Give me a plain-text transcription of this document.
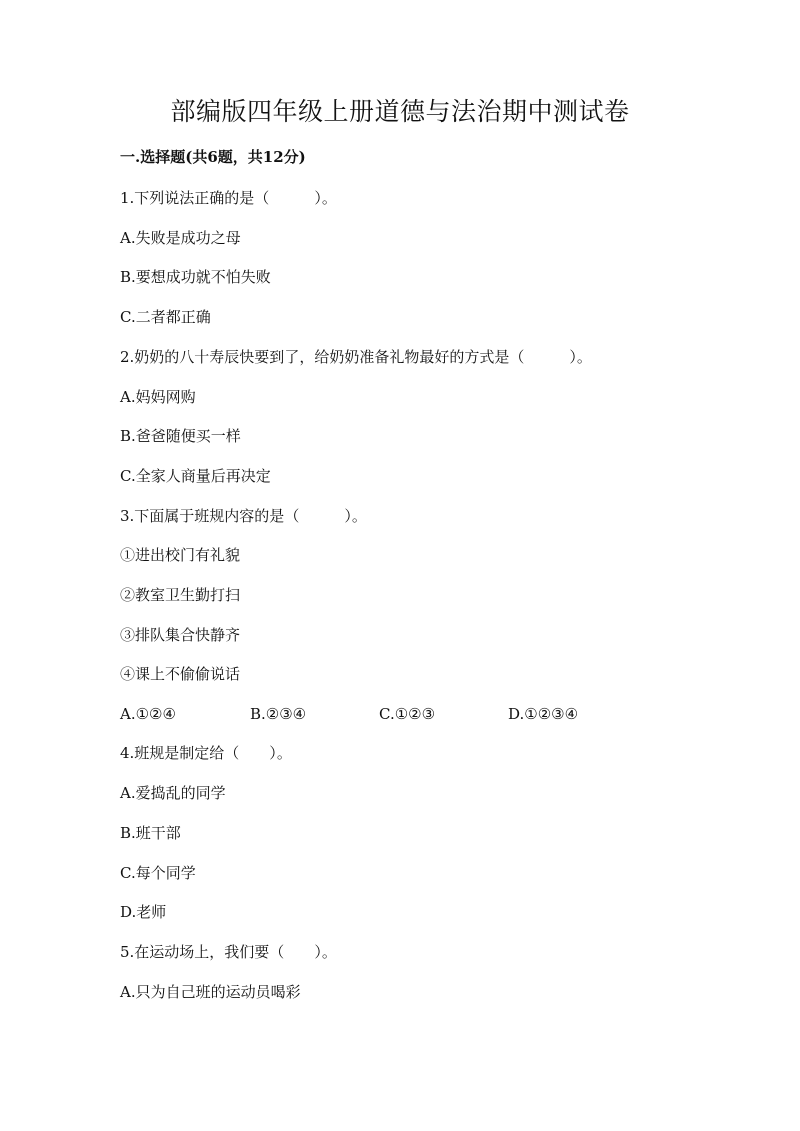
部编版四年级上册道德与法治期中测试卷
一.选择题(共6题，共12分)
1.下列说法正确的是（　　　）。
A.失败是成功之母
B.要想成功就不怕失败
C.二者都正确
2.奶奶的八十寿辰快要到了，给奶奶准备礼物最好的方式是（　　　）。
A.妈妈网购
B.爸爸随便买一样
C.全家人商量后再决定
3.下面属于班规内容的是（　　　）。
①进出校门有礼貌
②教室卫生勤打扫
③排队集合快静齐
④课上不偷偷说话
A.①②④	B.②③④	C.①②③	D.①②③④
4.班规是制定给（　　）。
A.爱捣乱的同学
B.班干部
C.每个同学
D.老师
5.在运动场上，我们要（　　）。
A.只为自己班的运动员喝彩
